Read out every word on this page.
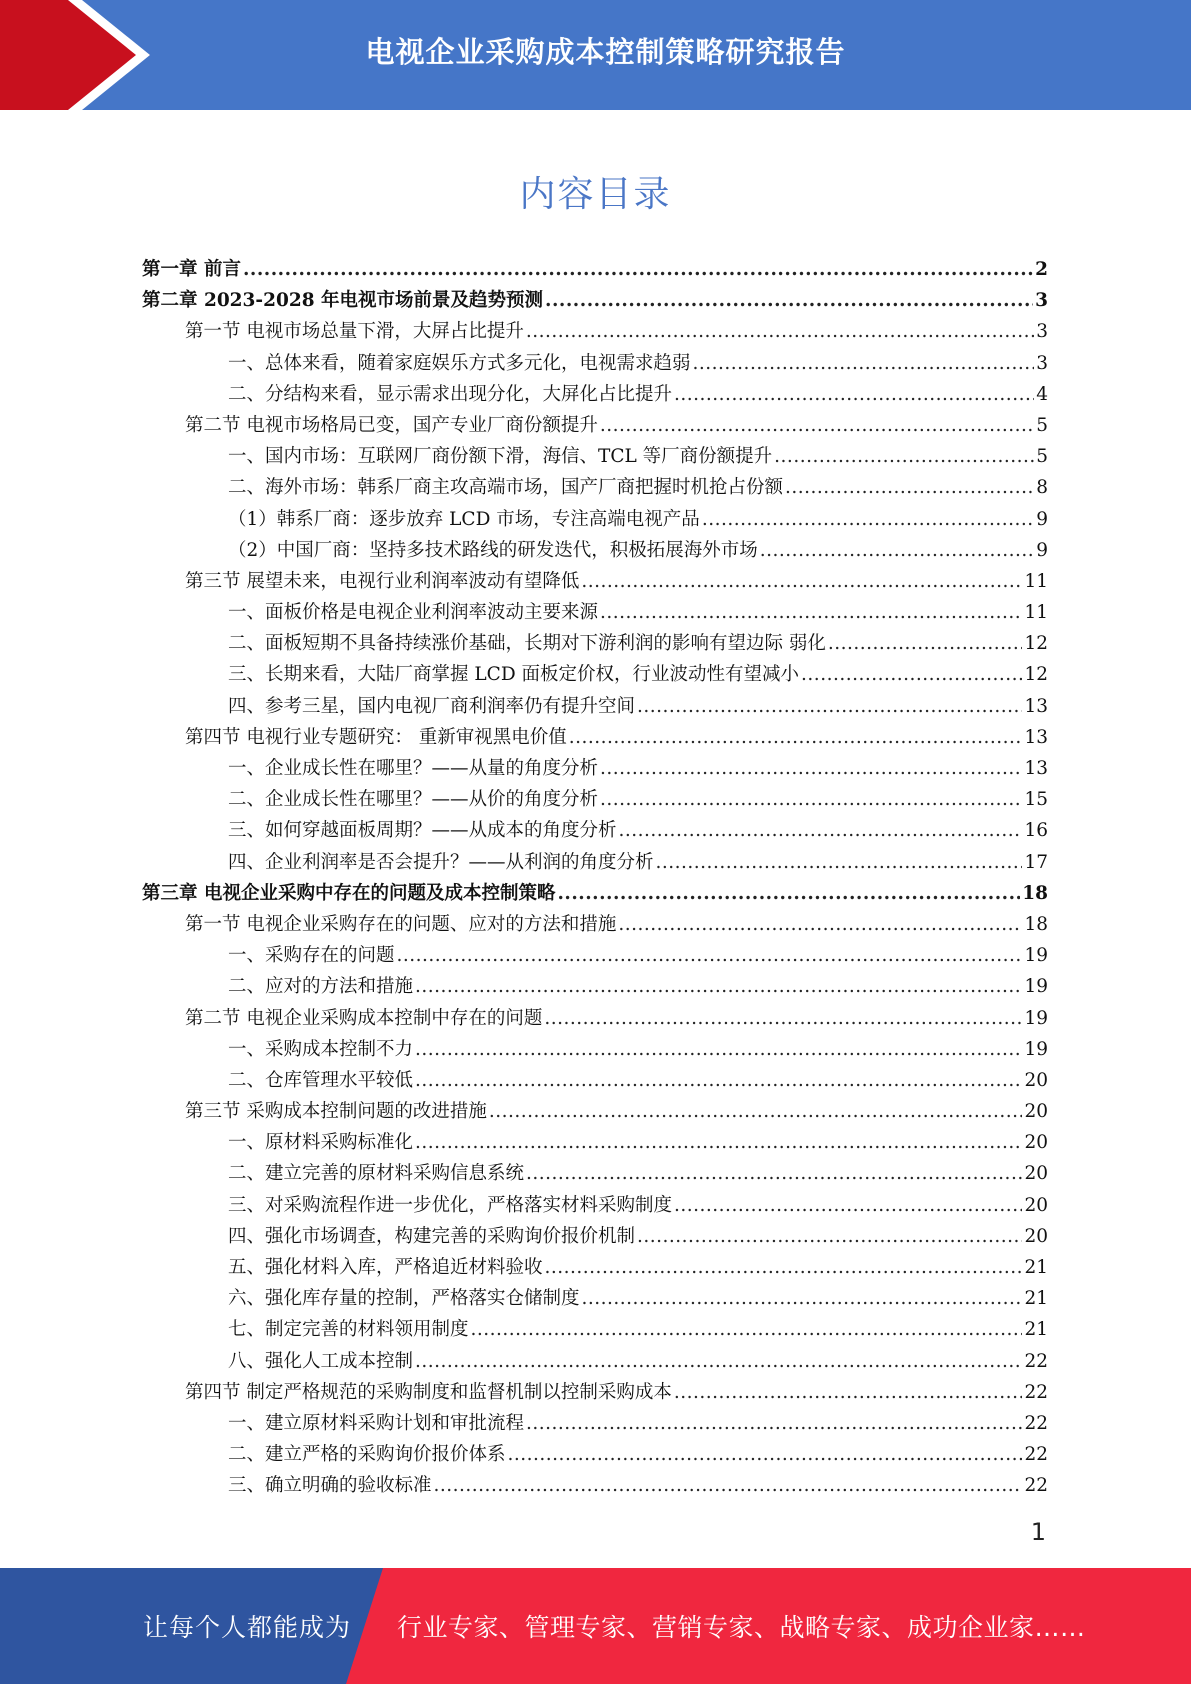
电视企业采购成本控制策略研究报告
内容目录
第一章 前言 .....	2
第二章 2023-2028 年电视市场前景及趋势预测 .....	3
第一节 电视市场总量下滑，大屏占比提升 .....	3
一、总体来看，随着家庭娱乐方式多元化，电视需求趋弱 .....	3
二、分结构来看，显示需求出现分化，大屏化占比提升 .....	4
第二节 电视市场格局已变，国产专业厂商份额提升 .....	5
一、国内市场：互联网厂商份额下滑，海信、TCL 等厂商份额提升 .....	5
二、海外市场：韩系厂商主攻高端市场，国产厂商把握时机抢占份额 .....	8
（1）韩系厂商：逐步放弃 LCD 市场，专注高端电视产品 .....	9
（2）中国厂商：坚持多技术路线的研发迭代，积极拓展海外市场 .....	9
第三节 展望未来，电视行业利润率波动有望降低 .....	11
一、面板价格是电视企业利润率波动主要来源 .....	11
二、面板短期不具备持续涨价基础，长期对下游利润的影响有望边际 弱化 .....	12
三、长期来看，大陆厂商掌握 LCD 面板定价权，行业波动性有望减小 .....	12
四、参考三星，国内电视厂商利润率仍有提升空间 .....	13
第四节 电视行业专题研究： 重新审视黑电价值 .....	13
一、企业成长性在哪里？——从量的角度分析 .....	13
二、企业成长性在哪里？——从价的角度分析 .....	15
三、如何穿越面板周期？——从成本的角度分析 .....	16
四、企业利润率是否会提升？——从利润的角度分析 .....	17
第三章 电视企业采购中存在的问题及成本控制策略 .....	18
第一节 电视企业采购存在的问题、应对的方法和措施 .....	18
一、采购存在的问题 .....	19
二、应对的方法和措施 .....	19
第二节 电视企业采购成本控制中存在的问题 .....	19
一、采购成本控制不力 .....	19
二、仓库管理水平较低 .....	20
第三节 采购成本控制问题的改进措施 .....	20
一、原材料采购标准化 .....	20
二、建立完善的原材料采购信息系统 .....	20
三、对采购流程作进一步优化，严格落实材料采购制度 .....	20
四、强化市场调查，构建完善的采购询价报价机制 .....	20
五、强化材料入库，严格追近材料验收 .....	21
六、强化库存量的控制，严格落实仓储制度 .....	21
七、制定完善的材料领用制度 .....	21
八、强化人工成本控制 .....	22
第四节 制定严格规范的采购制度和监督机制以控制采购成本 .....	22
一、建立原材料采购计划和审批流程 .....	22
二、建立严格的采购询价报价体系 .....	22
三、确立明确的验收标准 .....	22
1
让每个人都能成为 行业专家、管理专家、营销专家、战略专家、成功企业家……
